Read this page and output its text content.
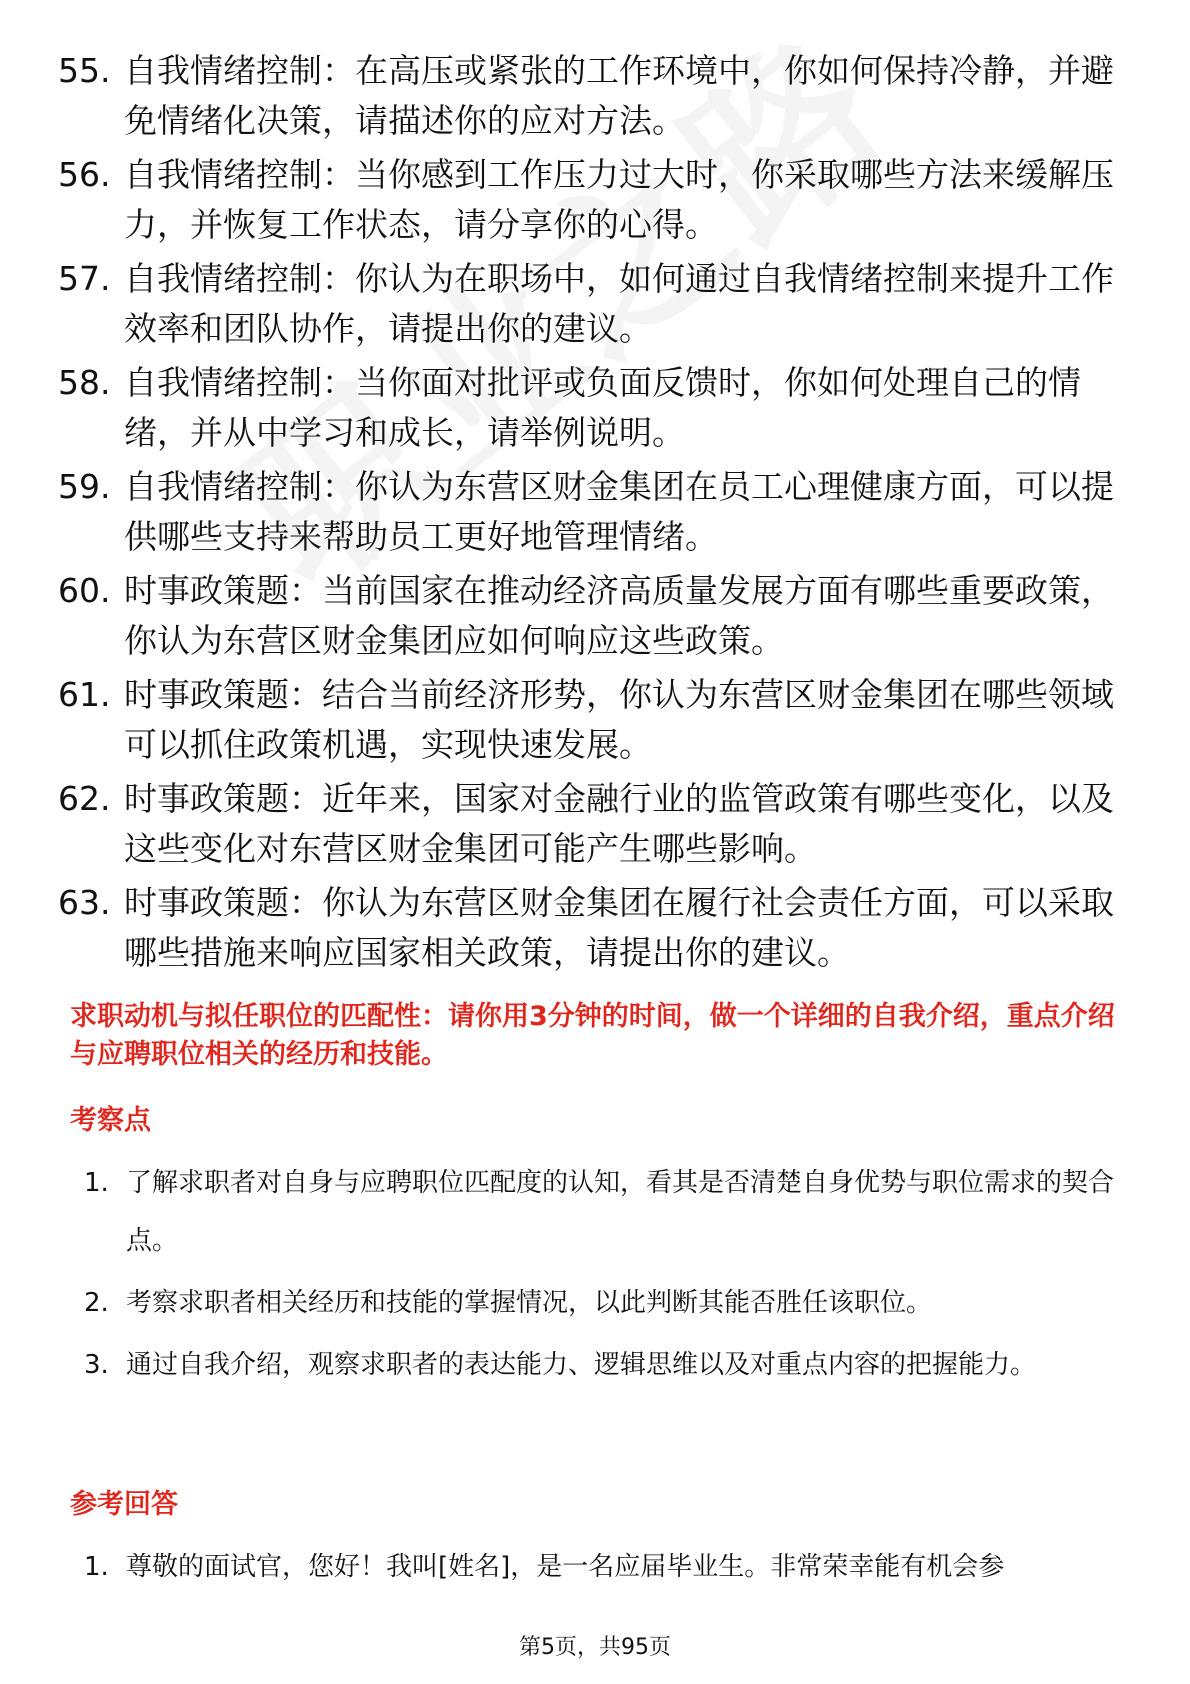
55. 自我情绪控制：在高压或紧张的工作环境中，你如何保持冷静，并避免情绪化决策，请描述你的应对方法。
56. 自我情绪控制：当你感到工作压力过大时，你采取哪些方法来缓解压力，并恢复工作状态，请分享你的心得。
57. 自我情绪控制：你认为在职场中，如何通过自我情绪控制来提升工作效率和团队协作，请提出你的建议。
58. 自我情绪控制：当你面对批评或负面反馈时，你如何处理自己的情绪，并从中学习和成长，请举例说明。
59. 自我情绪控制：你认为东营区财金集团在员工心理健康方面，可以提供哪些支持来帮助员工更好地管理情绪。
60. 时事政策题：当前国家在推动经济高质量发展方面有哪些重要政策，你认为东营区财金集团应如何响应这些政策。
61. 时事政策题：结合当前经济形势，你认为东营区财金集团在哪些领域可以抓住政策机遇，实现快速发展。
62. 时事政策题：近年来，国家对金融行业的监管政策有哪些变化，以及这些变化对东营区财金集团可能产生哪些影响。
63. 时事政策题：你认为东营区财金集团在履行社会责任方面，可以采取哪些措施来响应国家相关政策，请提出你的建议。
求职动机与拟任职位的匹配性：请你用3分钟的时间，做一个详细的自我介绍，重点介绍与应聘职位相关的经历和技能。
考察点
1. 了解求职者对自身与应聘职位匹配度的认知，看其是否清楚自身优势与职位需求的契合点。
2. 考察求职者相关经历和技能的掌握情况，以此判断其能否胜任该职位。
3. 通过自我介绍，观察求职者的表达能力、逻辑思维以及对重点内容的把握能力。
参考回答
1. 尊敬的面试官，您好！我叫[姓名]，是一名应届毕业生。非常荣幸能有机会参
第5页，共95页
